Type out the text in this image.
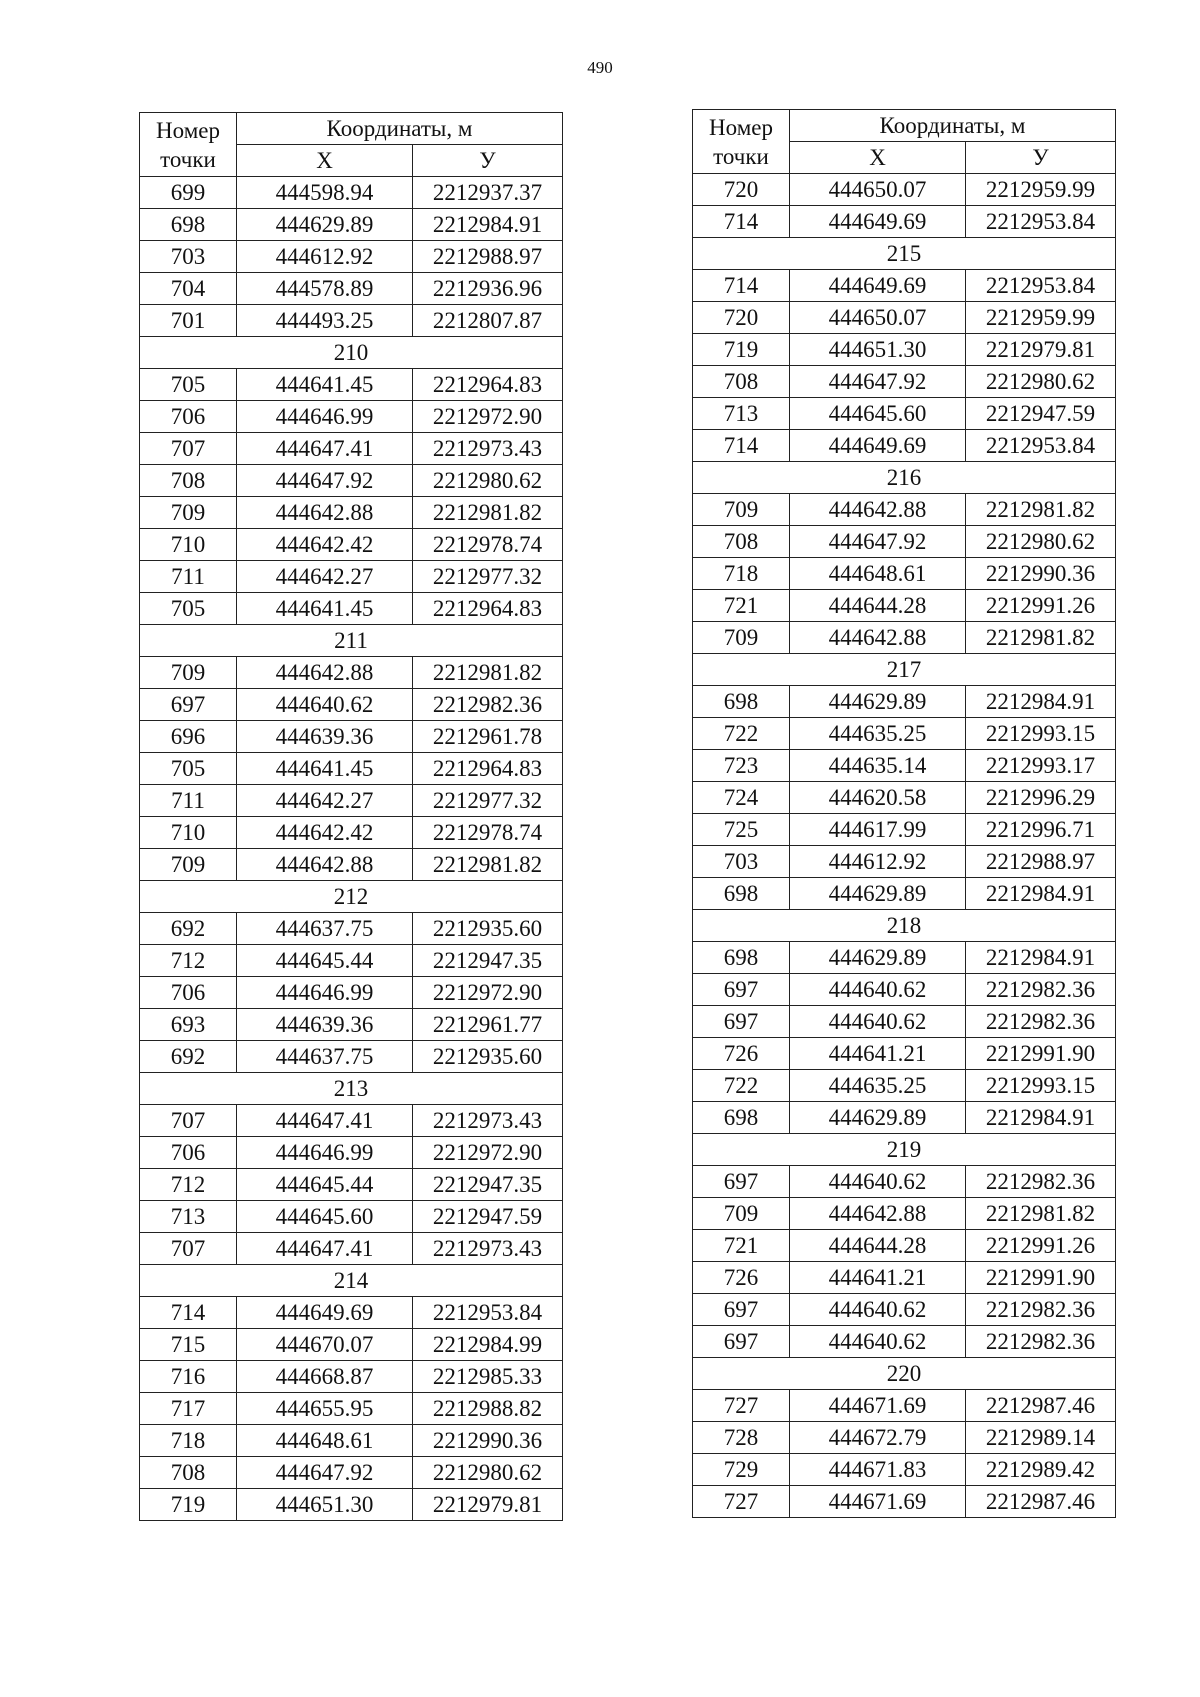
490
Номер
точки	Координаты, м	
	X	У
699	444598.94	2212937.37
698	444629.89	2212984.91
703	444612.92	2212988.97
704	444578.89	2212936.96
701	444493.25	2212807.87
210		
705	444641.45	2212964.83
706	444646.99	2212972.90
707	444647.41	2212973.43
708	444647.92	2212980.62
709	444642.88	2212981.82
710	444642.42	2212978.74
711	444642.27	2212977.32
705	444641.45	2212964.83
211		
709	444642.88	2212981.82
697	444640.62	2212982.36
696	444639.36	2212961.78
705	444641.45	2212964.83
711	444642.27	2212977.32
710	444642.42	2212978.74
709	444642.88	2212981.82
212		
692	444637.75	2212935.60
712	444645.44	2212947.35
706	444646.99	2212972.90
693	444639.36	2212961.77
692	444637.75	2212935.60
213		
707	444647.41	2212973.43
706	444646.99	2212972.90
712	444645.44	2212947.35
713	444645.60	2212947.59
707	444647.41	2212973.43
214		
714	444649.69	2212953.84
715	444670.07	2212984.99
716	444668.87	2212985.33
717	444655.95	2212988.82
718	444648.61	2212990.36
708	444647.92	2212980.62
719	444651.30	2212979.81
Номер
точки	Координаты, м	
	X	У
720	444650.07	2212959.99
714	444649.69	2212953.84
215		
714	444649.69	2212953.84
720	444650.07	2212959.99
719	444651.30	2212979.81
708	444647.92	2212980.62
713	444645.60	2212947.59
714	444649.69	2212953.84
216		
709	444642.88	2212981.82
708	444647.92	2212980.62
718	444648.61	2212990.36
721	444644.28	2212991.26
709	444642.88	2212981.82
217		
698	444629.89	2212984.91
722	444635.25	2212993.15
723	444635.14	2212993.17
724	444620.58	2212996.29
725	444617.99	2212996.71
703	444612.92	2212988.97
698	444629.89	2212984.91
218		
698	444629.89	2212984.91
697	444640.62	2212982.36
697	444640.62	2212982.36
726	444641.21	2212991.90
722	444635.25	2212993.15
698	444629.89	2212984.91
219		
697	444640.62	2212982.36
709	444642.88	2212981.82
721	444644.28	2212991.26
726	444641.21	2212991.90
697	444640.62	2212982.36
697	444640.62	2212982.36
220		
727	444671.69	2212987.46
728	444672.79	2212989.14
729	444671.83	2212989.42
727	444671.69	2212987.46
